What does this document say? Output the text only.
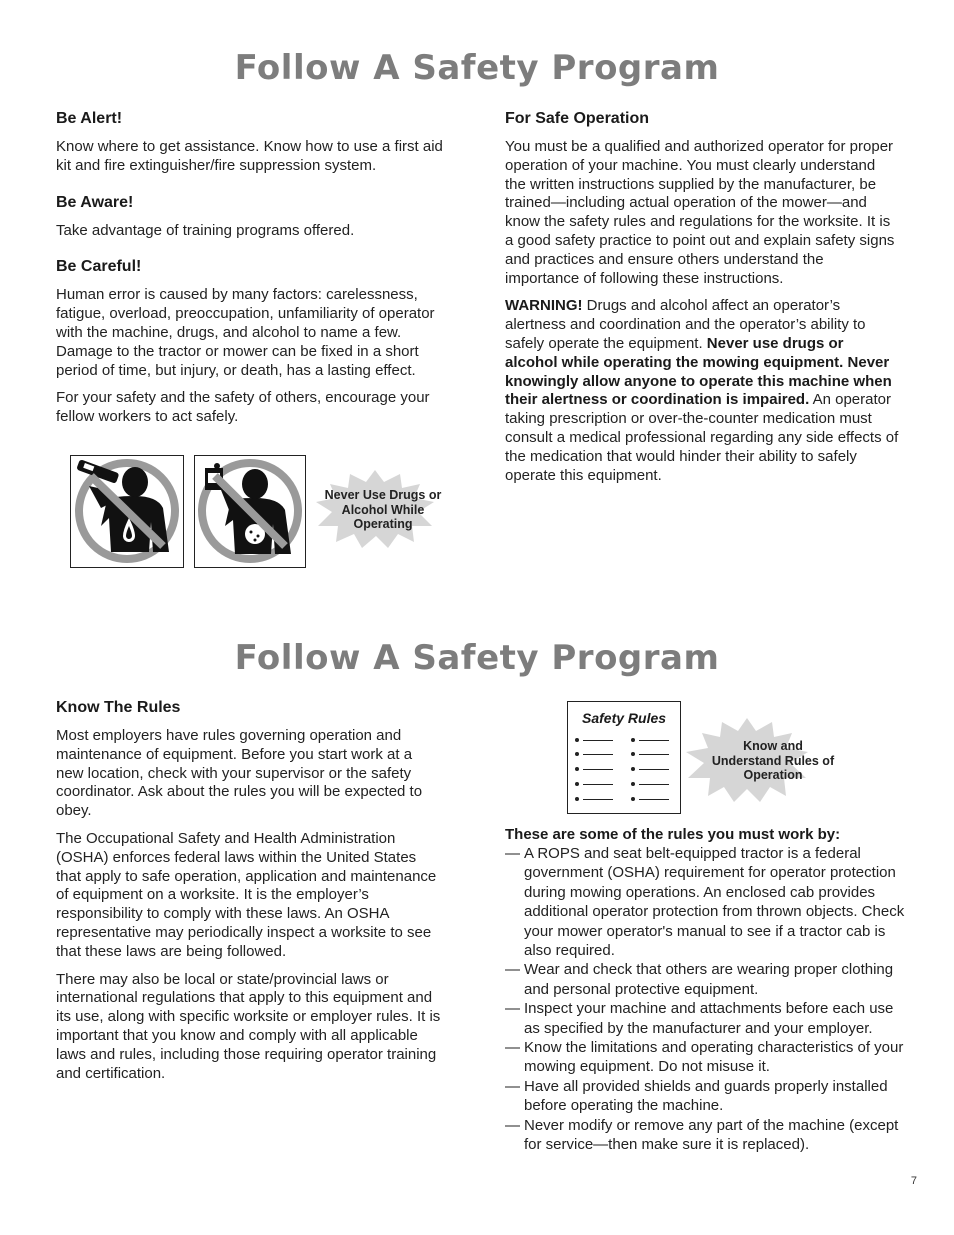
Follow A Safety Program

Be Alert!

Know where to get assistance. Know how to use a first aid kit and fire extinguisher/fire suppression system.

Be Aware!

Take advantage of training programs offered.

Be Careful!

Human error is caused by many factors: carelessness, fatigue, overload, preoccupation, unfamiliarity of operator with the machine, drugs, and alcohol to name a few. Damage to the tractor or mower can be fixed in a short period of time, but injury, or death, has a lasting effect.

For your safety and the safety of others, encourage your fellow workers to act safely.

Never Use Drugs or Alcohol While Operating

For Safe Operation

You must be a qualified and authorized operator for proper operation of your machine. You must clearly understand the written instructions supplied by the manufacturer, be trained—including actual operation of the mower—and know the safety rules and regulations for the worksite. It is a good safety practice to point out and explain safety signs and practices and ensure others understand the importance of following these instructions.

WARNING! Drugs and alcohol affect an operator’s alertness and coordination and the operator’s ability to safely operate the equipment. Never use drugs or alcohol while operating the mowing equipment. Never knowingly allow anyone to operate this machine when their alertness or coordination is impaired. An operator taking prescription or over-the-counter medication must consult a medical professional regarding any side effects of the medication that would hinder their ability to safely operate this equipment.

Follow A Safety Program

Know The Rules

Most employers have rules governing operation and maintenance of equipment. Before you start work at a new location, check with your supervisor or the safety coordinator. Ask about the rules you will be expected to obey.

The Occupational Safety and Health Administration (OSHA) enforces federal laws within the United States that apply to safe operation, application and maintenance of equipment on a worksite. It is the employer’s responsibility to comply with these laws. An OSHA representative may periodically inspect a worksite to see that these laws are being followed.

There may also be local or state/provincial laws or international regulations that apply to this equipment and its use, along with specific worksite or employer rules. It is important that you know and comply with all applicable laws and rules, including those requiring operator training and certification.

Safety Rules
Know and Understand Rules of Operation

These are some of the rules you must work by:

— A ROPS and seat belt-equipped tractor is a federal government (OSHA) requirement for operator protection during mowing operations. An enclosed cab provides additional operator protection from thrown objects. Check your mower operator's manual to see if a tractor cab is also required.
— Wear and check that others are wearing proper clothing and personal protective equipment.
— Inspect your machine and attachments before each use as specified by the manufacturer and your employer.
— Know the limitations and operating characteristics of your mowing equipment. Do not misuse it.
— Have all provided shields and guards properly installed before operating the machine.
— Never modify or remove any part of the machine (except for service—then make sure it is replaced).
7
